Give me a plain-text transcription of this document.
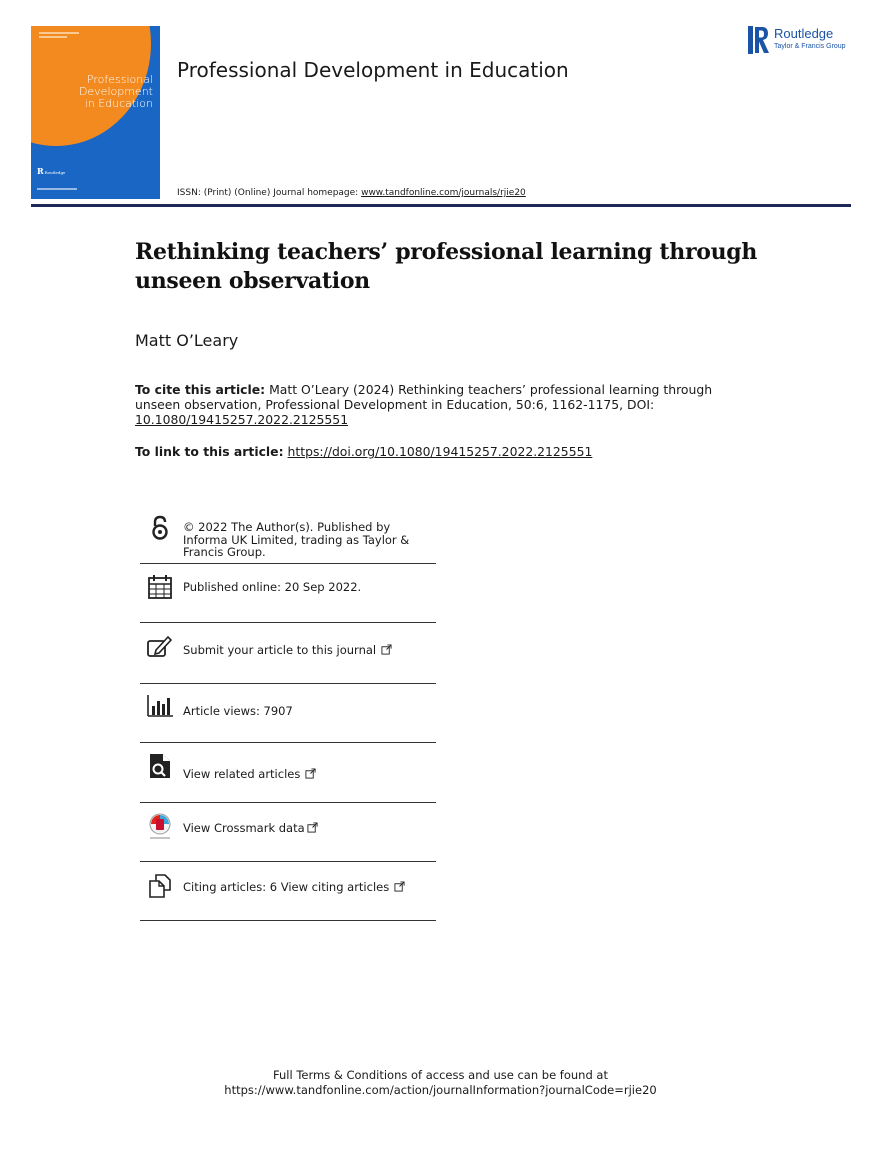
Professional
Development
in Education
RRoutledge
Professional Development in Education
ISSN: (Print) (Online) Journal homepage: www.tandfonline.com/journals/rjie20
Routledge
Taylor & Francis Group
Rethinking teachers’ professional learning through unseen observation
Matt O’Leary
To cite this article: Matt O’Leary (2024) Rethinking teachers’ professional learning through unseen observation, Professional Development in Education, 50:6, 1162-1175, DOI: 10.1080/19415257.2022.2125551
To link to this article: https://doi.org/10.1080/19415257.2022.2125551
© 2022 The Author(s). Published by Informa UK Limited, trading as Taylor & Francis Group.
Published online: 20 Sep 2022.
Submit your article to this journal
Article views: 7907
View related articles
View Crossmark data
Citing articles: 6 View citing articles
Full Terms & Conditions of access and use can be found at
https://www.tandfonline.com/action/journalInformation?journalCode=rjie20
